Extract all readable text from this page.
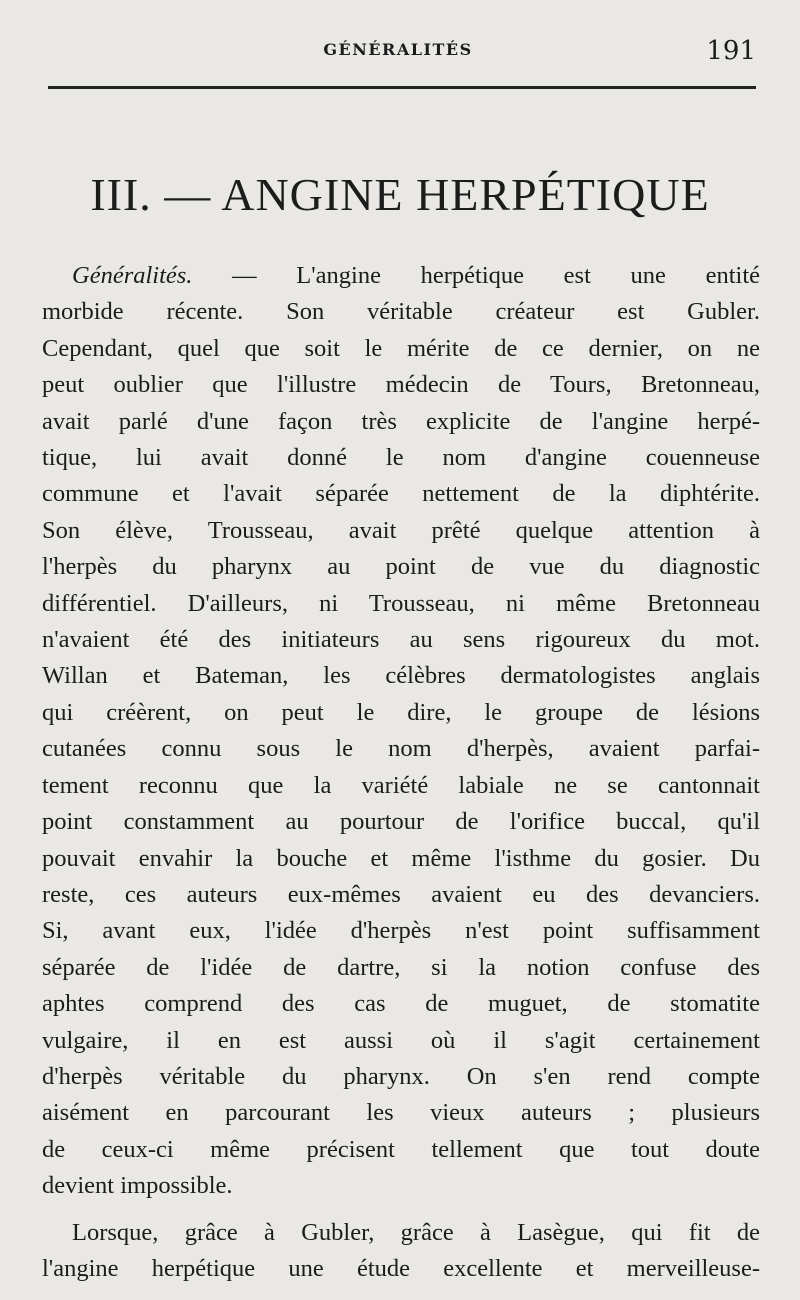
GÉNÉRALITÉS	191
III. — ANGINE HERPÉTIQUE
Généralités. — L'angine herpétique est une entité
morbide récente. Son véritable créateur est Gubler.
Cependant, quel que soit le mérite de ce dernier, on ne
peut oublier que l'illustre médecin de Tours, Bretonneau,
avait parlé d'une façon très explicite de l'angine herpé-
tique, lui avait donné le nom d'angine couenneuse
commune et l'avait séparée nettement de la diphtérite.
Son élève, Trousseau, avait prêté quelque attention à
l'herpès du pharynx au point de vue du diagnostic
différentiel. D'ailleurs, ni Trousseau, ni même Bretonneau
n'avaient été des initiateurs au sens rigoureux du mot.
Willan et Bateman, les célèbres dermatologistes anglais
qui créèrent, on peut le dire, le groupe de lésions
cutanées connu sous le nom d'herpès, avaient parfai-
tement reconnu que la variété labiale ne se cantonnait
point constamment au pourtour de l'orifice buccal, qu'il
pouvait envahir la bouche et même l'isthme du gosier. Du
reste, ces auteurs eux-mêmes avaient eu des devanciers.
Si, avant eux, l'idée d'herpès n'est point suffisamment
séparée de l'idée de dartre, si la notion confuse des
aphtes comprend des cas de muguet, de stomatite
vulgaire, il en est aussi où il s'agit certainement
d'herpès véritable du pharynx. On s'en rend compte
aisément en parcourant les vieux auteurs ; plusieurs
de ceux-ci même précisent tellement que tout doute
devient impossible.
Lorsque, grâce à Gubler, grâce à Lasègue, qui fit de
l'angine herpétique une étude excellente et merveilleuse-
